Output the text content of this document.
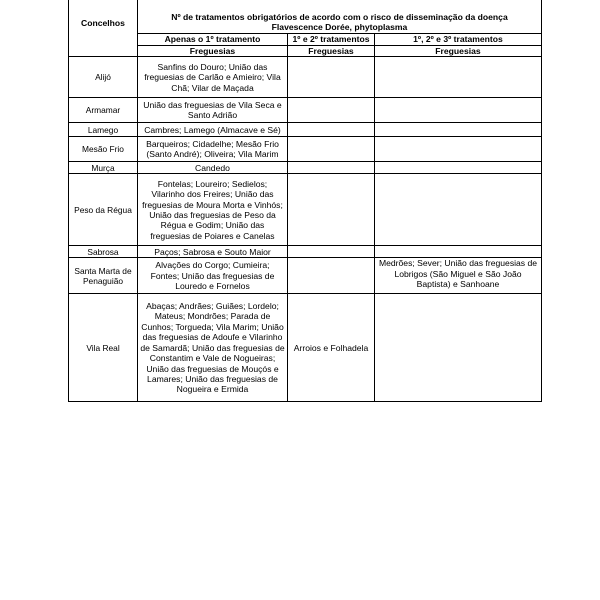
Concelhos	Nº de tratamentos obrigatórios de acordo com o risco de disseminação da doença
Flavescence Dorée, phytoplasma		

	Apenas o 1º tratamento	1º e 2º tratamentos	1º, 2º e 3º tratamentos
	Freguesias	Freguesias	Freguesias
Alijó	Sanfins do Douro; União das freguesias de Carlão e Amieiro; Vila Chã; Vilar de Maçada		
Armamar	União das freguesias de Vila Seca e Santo Adrião		
Lamego	Cambres; Lamego (Almacave e Sé)		
Mesão Frio	Barqueiros; Cidadelhe; Mesão Frio (Santo André); Oliveira; Vila Marim		
Murça	Candedo		
Peso da Régua	Fontelas; Loureiro; Sedielos; Vilarinho dos Freires; União das freguesias de Moura Morta e Vinhós; União das freguesias de Peso da Régua e Godim; União das freguesias de Poiares e Canelas		
Sabrosa	Paços; Sabrosa e Souto Maior		
Santa Marta de Penaguião	Alvações do Corgo; Cumieira; Fontes; União das freguesias de Louredo e Fornelos		Medrões; Sever; União das freguesias de Lobrigos (São Miguel e São João Baptista) e Sanhoane
Vila Real	Abaças; Andrães; Guiães; Lordelo; Mateus; Mondrões; Parada de Cunhos; Torgueda; Vila Marim; União das freguesias de Adoufe e Vilarinho de Samardã; União das freguesias de Constantim e Vale de Nogueiras; União das freguesias de Mouçós e Lamares; União das freguesias de Nogueira e Ermida	Arroios e Folhadela	
